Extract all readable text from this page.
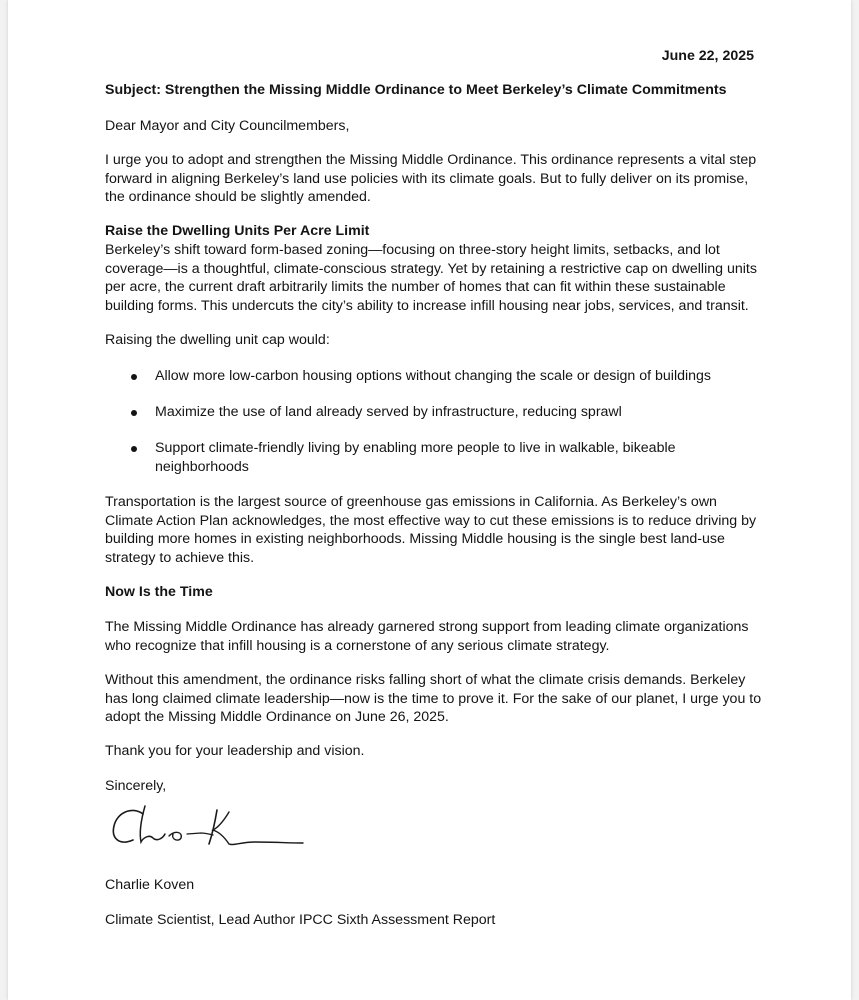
June 22, 2025

Subject: Strengthen the Missing Middle Ordinance to Meet Berkeley’s Climate Commitments

Dear Mayor and City Councilmembers,

I urge you to adopt and strengthen the Missing Middle Ordinance. This ordinance represents a vital step forward in aligning Berkeley’s land use policies with its climate goals. But to fully deliver on its promise, the ordinance should be slightly amended.

Raise the Dwelling Units Per Acre Limit

Berkeley’s shift toward form-based zoning—focusing on three-story height limits, setbacks, and lot coverage—is a thoughtful, climate-conscious strategy. Yet by retaining a restrictive cap on dwelling units per acre, the current draft arbitrarily limits the number of homes that can fit within these sustainable building forms. This undercuts the city’s ability to increase infill housing near jobs, services, and transit.

Raising the dwelling unit cap would:

Allow more low-carbon housing options without changing the scale or design of buildings
Maximize the use of land already served by infrastructure, reducing sprawl
Support climate-friendly living by enabling more people to live in walkable, bikeable neighborhoods

Transportation is the largest source of greenhouse gas emissions in California. As Berkeley’s own Climate Action Plan acknowledges, the most effective way to cut these emissions is to reduce driving by building more homes in existing neighborhoods. Missing Middle housing is the single best land-use strategy to achieve this.

Now Is the Time

The Missing Middle Ordinance has already garnered strong support from leading climate organizations who recognize that infill housing is a cornerstone of any serious climate strategy.

Without this amendment, the ordinance risks falling short of what the climate crisis demands. Berkeley has long claimed climate leadership—now is the time to prove it. For the sake of our planet, I urge you to adopt the Missing Middle Ordinance on June 26, 2025.

Thank you for your leadership and vision.

Sincerely,

Charlie Koven

Climate Scientist, Lead Author IPCC Sixth Assessment Report
